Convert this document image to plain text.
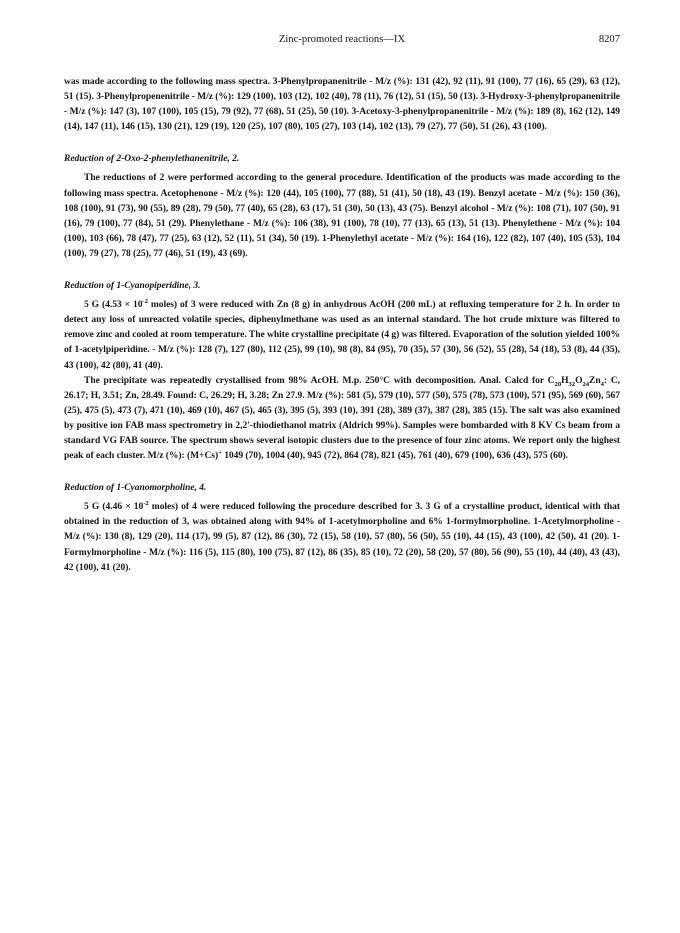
Zinc-promoted reactions—IX	8207

was made according to the following mass spectra. 3-Phenylpropanenitrile - M/z (%): 131 (42), 92 (11), 91 (100), 77 (16), 65 (29), 63 (12), 51 (15). 3-Phenylpropenenitrile - M/z (%): 129 (100), 103 (12), 102 (40), 78 (11), 76 (12), 51 (15), 50 (13). 3-Hydroxy-3-phenylpropanenitrile - M/z (%): 147 (3), 107 (100), 105 (15), 79 (92), 77 (68), 51 (25), 50 (10). 3-Acetoxy-3-phenylpropanenitrile - M/z (%): 189 (8), 162 (12), 149 (14), 147 (11), 146 (15), 130 (21), 129 (19), 120 (25), 107 (80), 105 (27), 103 (14), 102 (13), 79 (27), 77 (50), 51 (26), 43 (100).

Reduction of 2-Oxo-2-phenylethanenitrile, 2.

The reductions of 2 were performed according to the general procedure. Identification of the products was made according to the following mass spectra. Acetophenone - M/z (%): 120 (44), 105 (100), 77 (88), 51 (41), 50 (18), 43 (19). Benzyl acetate - M/z (%): 150 (36), 108 (100), 91 (73), 90 (55), 89 (28), 79 (50), 77 (40), 65 (28), 63 (17), 51 (30), 50 (13), 43 (75). Benzyl alcohol - M/z (%): 108 (71), 107 (50), 91 (16), 79 (100), 77 (84), 51 (29). Phenylethane - M/z (%): 106 (38), 91 (100), 78 (10), 77 (13), 65 (13), 51 (13). Phenylethene - M/z (%): 104 (100), 103 (66), 78 (47), 77 (25), 63 (12), 52 (11), 51 (34), 50 (19). 1-Phenylethyl acetate - M/z (%): 164 (16), 122 (82), 107 (40), 105 (53), 104 (100), 79 (27), 78 (25), 77 (46), 51 (19), 43 (69).

Reduction of 1-Cyanopiperidine, 3.

5 G ($4.53 \times 10^{-2}$ moles) of 3 were reduced with Zn (8 g) in anhydrous AcOH (200 mL) at refluxing temperature for 2 h. In order to detect any loss of unreacted volatile species, diphenylmethane was used as an internal standard. The hot crude mixture was filtered to remove zinc and cooled at room temperature. The white crystalline precipitate (4 g) was filtered. Evaporation of the solution yielded 100% of 1-acetylpiperidine. - M/z (%): 128 (7), 127 (80), 112 (25), 99 (10), 98 (8), 84 (95), 70 (35), 57 (30), 56 (52), 55 (28), 54 (18), 53 (8), 44 (35), 43 (100), 42 (80), 41 (40).

The precipitate was repeatedly crystallised from 98% AcOH. M.p. 250°C with decomposition. Anal. Calcd for $C_{20}H_{32}O_{24}Zn_4$: C, 26.17; H, 3.51; Zn, 28.49. Found: C, 26.29; H, 3.28; Zn 27.9. M/z (%): 581 (5), 579 (10), 577 (50), 575 (78), 573 (100), 571 (95), 569 (60), 567 (25), 475 (5), 473 (7), 471 (10), 469 (10), 467 (5), 465 (3), 395 (5), 393 (10), 391 (28), 389 (37), 387 (28), 385 (15). The salt was also examined by positive ion FAB mass spectrometry in 2,2'-thiodiethanol matrix (Aldrich 99%). Samples were bombarded with 8 KV Cs beam from a standard VG FAB source. The spectrum shows several isotopic clusters due to the presence of four zinc atoms. We report only the highest peak of each cluster. M/z (%): (M+Cs)+ 1049 (70), 1004 (40), 945 (72), 864 (78), 821 (45), 761 (40), 679 (100), 636 (43), 575 (60).

Reduction of 1-Cyanomorpholine, 4.

5 G ($4.46 \times 10^{-2}$ moles) of 4 were reduced following the procedure described for 3. 3 G of a crystalline product, identical with that obtained in the reduction of 3, was obtained along with 94% of 1-acetylmorpholine and 6% 1-formylmorpholine. 1-Acetylmorpholine - M/z (%): 130 (8), 129 (20), 114 (17), 99 (5), 87 (12), 86 (30), 72 (15), 58 (10), 57 (80), 56 (50), 55 (10), 44 (15), 43 (100), 42 (50), 41 (20). 1-Formylmorpholine - M/z (%): 116 (5), 115 (80), 100 (75), 87 (12), 86 (35), 85 (10), 72 (20), 58 (20), 57 (80), 56 (90), 55 (10), 44 (40), 43 (43), 42 (100), 41 (20).
